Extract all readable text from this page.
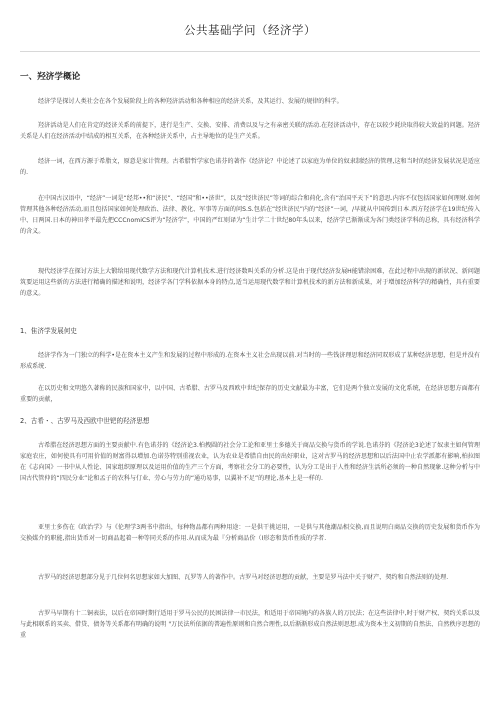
公共基础学问（经济学）
一、羟济学概论

经济学是探讨人类社会在各个发展阶段上的各种羟济活动和各种相应的经济关系，及其运行、发展的规律的科学。

羟济活动是人们在肯定的经济关系的前提下，进行是生产、交换、安排、消费以及与之有亲密关联的活动.在羟济活动中，存在以较少耗块取得较大效益的问题。羟济关系是人们在经济活动中结成的相互关系，在各种经济关系中，占主导地位的是生产关系。

经济一词，在西方源于希脂文，原意是家计管理。古希腊哲学家色诺芬的著作《经济论？中论述了以家庭为单位的奴隶制经济的管理,这和当时的经济发展状况是适应的.

在中国古汉语中，“经济”一词是“经邦••和“济民”、“经国”和••济世”，以及“经世济民”等词的综合和荷化,含有“治国平天下”的意思.内容不仅包括国家如何理财.如何管理其他各种经济活动,而且包括国家如何处理政治、法律、教化、军事等方面的问S.S.包括在“经世济民”内的“经济”一词，/早就从中国传到日本.西方羟济学在19世纪传入中、日两国.日本的神田孝平最先把CCCnomiCS评为“羟济学”，中国的严红则译为“生计学二十世纪80年头以来，经济学已渐渐成为各门类经济学科的总称，具有经济科学的含义。

现代经济学在探讨方法上大锻给用现代数学方法和现代计算机技术.进行经济数叫关系的分析.这是由于现代经济发展H能错涂困难，在此过程中出现的新状况、新问题筑要运用这些新的方法进行精确的描述和说明，经济学各门学科依据本身的特点,适当运用现代数学和计算机技术的新方法和新成果，对于增加经济科学的精确性，具有重要的意义。

1、隹济学发展何史

经济学作为一门独立的科学•是在资本主义产生和发展的过程中形成的.在资本主义社会出现以前.对当时的一些钱济理思和经济同双形成了某种经济思想，但是并没有形成系统.

在以历史和文明悠久著称的民族和国家中，以中国、古希腊、古罗马及西欧中世纪保存的历史文献最为丰富，它们是两个独立发展的文化系统，在经济思想方面都有重要的贡献，

2、古希・、古罗马及西欧中世钯的羟济思想

古希腊在经济思想方面的主要贡献中.有色诺芬的《经济论3.柏拽圆的社会分工论和亚里士多德关于商品交换与货币的学说.色诺芬的《羟济论3论述了奴隶主如何管理家庭农庄，如何使具有可用价值的财富得以增加.色诺芬特别重视农业，认为农业是希腊自由民的出好职业，这对古罗马的经济思想和以后法国中止农学派都有影响,柏拉图在《志向国》一书中从人性论、国家组织原理以及运用价值的生产三个方面，考察社会分工的必要性，认为分工是出于人性和经济生活所必须的一种自然现象.这种分析与中国古代管仲的“四民分业”论和孟子的农科与仃业、劳心与劳力的“通功易事，以翼补不足”的理论,基本上是一样的.

亚里士多伤在《政治学》与《伦理学3两书中指出，每种物品都有两种用途：一是供干挑运用，一是供与其他潮品相交换,而且说明白商品交换的历史发展和货币作为交换媒介的职能,指出货币对一切商品起着一种等同关系的作用.从而成为最『分析商品价（I形态和货币性质的学者.

古罗马的经济思想部分见于几位何名思想家如大加图、瓦罗等人的著作中。古罗马对经济思想的贡献，主要是罗马法中关于财产、契约和自然法则的处理.

古罗马早期有十二铜表法，以后在帝国时期行适用于罗马公民的民困法律一市民法，和适用于帝国境内的各族人的万民法；在这些法律中,时于财产权、契约关系以及与此相联系的买卖、借贷、债务等关系都有明确的说明 "万民法所依据的普遍性原则和自然合理性,以后渐渐形成自然法则思想.成为资本主义初期的自然法、自然秩序思想的重
